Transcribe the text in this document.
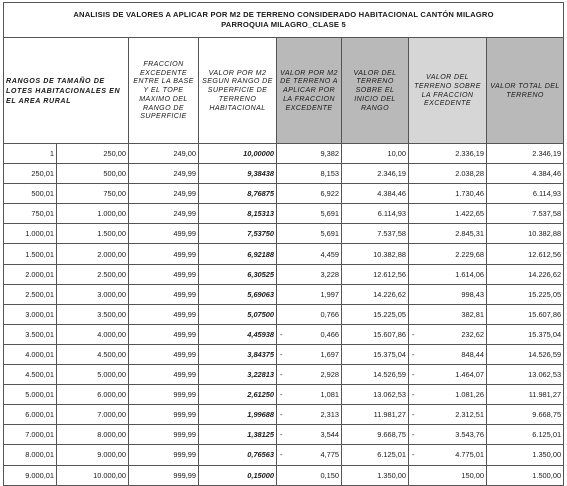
ANALISIS DE VALORES A APLICAR POR M2 DE TERRENO CONSIDERADO HABITACIONAL CANTÓN MILAGRO
PARROQUIA MILAGRO_CLASE 5							

RANGOS DE TAMAÑO DE LOTES HABITACIONALES EN EL AREA RURAL		FRACCION EXCEDENTE ENTRE LA BASE Y EL TOPE MAXIMO DEL RANGO DE SUPERFICIE	VALOR POR M2 SEGUN RANGO DE SUPERFICIE DE TERRENO HABITACIONAL	VALOR POR M2 DE TERRENO A APLICAR POR LA FRACCION EXCEDENTE	VALOR DEL TERRENO SOBRE EL INICIO DEL RANGO	VALOR DEL TERRENO SOBRE LA FRACCION EXCEDENTE	VALOR TOTAL DEL TERRENO
1	250,00	249,00	10,00000	9,382	10,00	2.336,19	2.346,19
250,01	500,00	249,99	9,38438	8,153	2.346,19	2.038,28	4.384,46
500,01	750,00	249,99	8,76875	6,922	4.384,46	1.730,46	6.114,93
750,01	1.000,00	249,99	8,15313	5,691	6.114,93	1.422,65	7.537,58
1.000,01	1.500,00	499,99	7,53750	5,691	7.537,58	2.845,31	10.382,88
1.500,01	2.000,00	499,99	6,92188	4,459	10.382,88	2.229,68	12.612,56
2.000,01	2.500,00	499,99	6,30525	3,228	12.612,56	1.614,06	14.226,62
2.500,01	3.000,00	499,99	5,69063	1,997	14.226,62	998,43	15.225,05
3.000,01	3.500,00	499,99	5,07500	0,766	15.225,05	382,81	15.607,86
3.500,01	4.000,00	499,99	4,45938	- 0,466	15.607,86	- 232,62	15.375,04
4.000,01	4.500,00	499,99	3,84375	- 1,697	15.375,04	- 848,44	14.526,59
4.500,01	5.000,00	499,99	3,22813	- 2,928	14.526,59	- 1.464,07	13.062,53
5.000,01	6.000,00	999,99	2,61250	- 1,081	13.062,53	- 1.081,26	11.981,27
6.000,01	7.000,00	999,99	1,99688	- 2,313	11.981,27	- 2.312,51	9.668,75
7.000,01	8.000,00	999,99	1,38125	- 3,544	9.668,75	- 3.543,76	6.125,01
8.000,01	9.000,00	999,99	0,76563	- 4,775	6.125,01	- 4.775,01	1.350,00
9.000,01	10.000,00	999,99	0,15000	0,150	1.350,00	150,00	1.500,00
